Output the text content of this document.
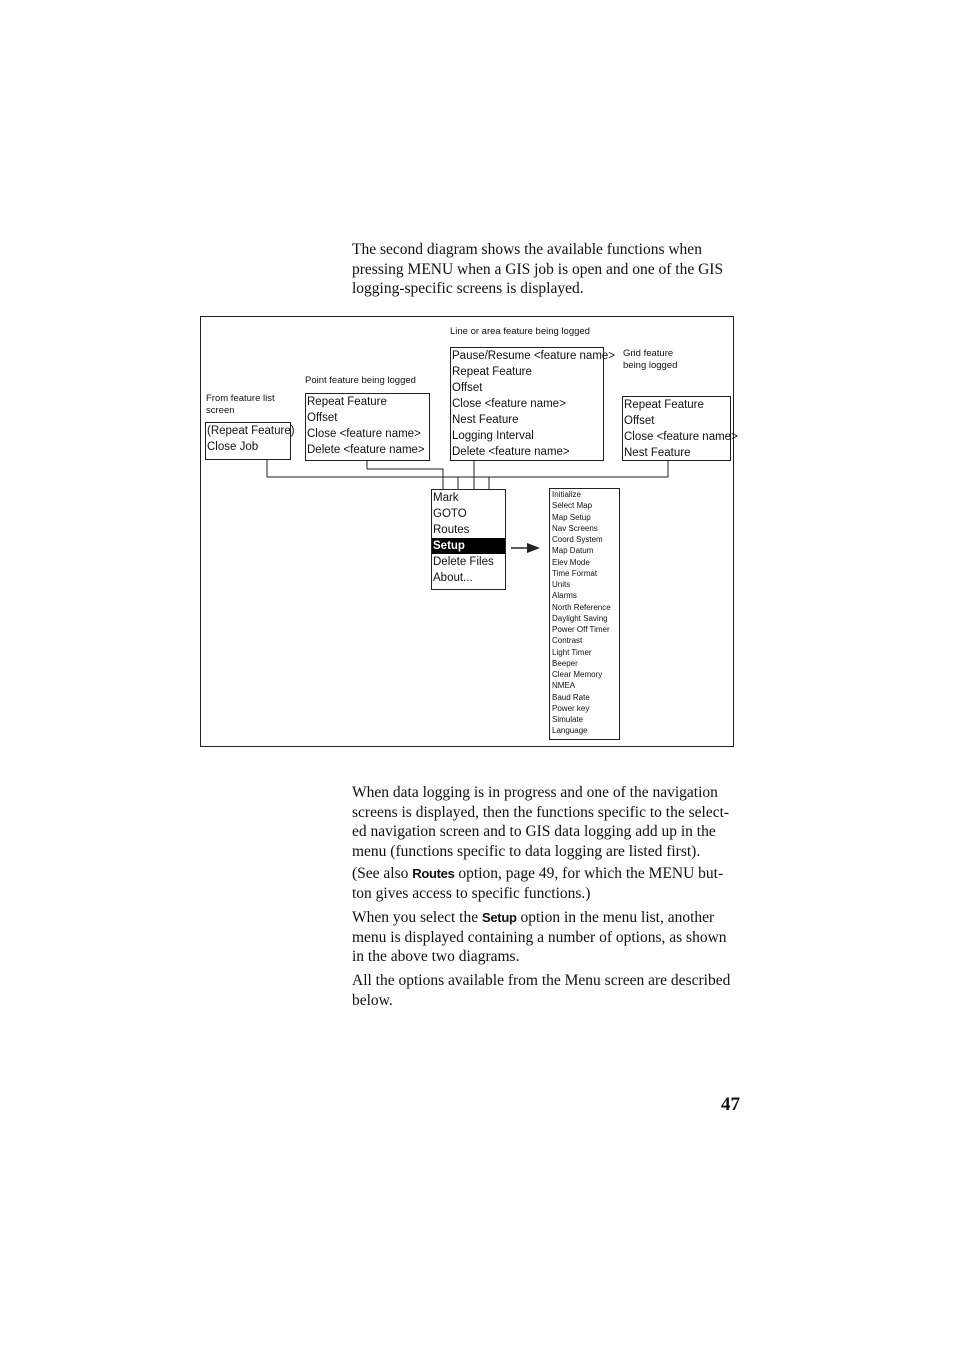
The second diagram shows the available functions when pressing MENU when a GIS job is open and one of the GIS logging-specific screens is displayed.

From feature list
screen
(Repeat Feature)
Close Job
Point feature being logged
Repeat Feature
Offset
Close <feature name>
Delete <feature name>
Line or area feature being logged
Pause/Resume <feature name>
Repeat Feature
Offset
Close <feature name>
Nest Feature
Logging Interval
Delete <feature name>
Grid feature
being logged
Repeat Feature
Offset
Close <feature name>
Nest Feature
Mark
GOTO
Routes
Setup
Delete Files
About...
Initialize
Select Map
Map Setup
Nav Screens
Coord System
Map Datum
Elev Mode
Time Format
Units
Alarms
North Reference
Daylight Saving
Power Off Timer
Contrast
Light Timer
Beeper
Clear Memory
NMEA
Baud Rate
Power key
Simulate
Language

When data logging is in progress and one of the navigation screens is displayed, then the functions specific to the select-ed navigation screen and to GIS data logging add up in the menu (functions specific to data logging are listed first).

(See also Routes option, page 49, for which the MENU but-ton gives access to specific functions.)

When you select the Setup option in the menu list, another menu is displayed containing a number of options, as shown in the above two diagrams.

All the options available from the Menu screen are described below.

47
